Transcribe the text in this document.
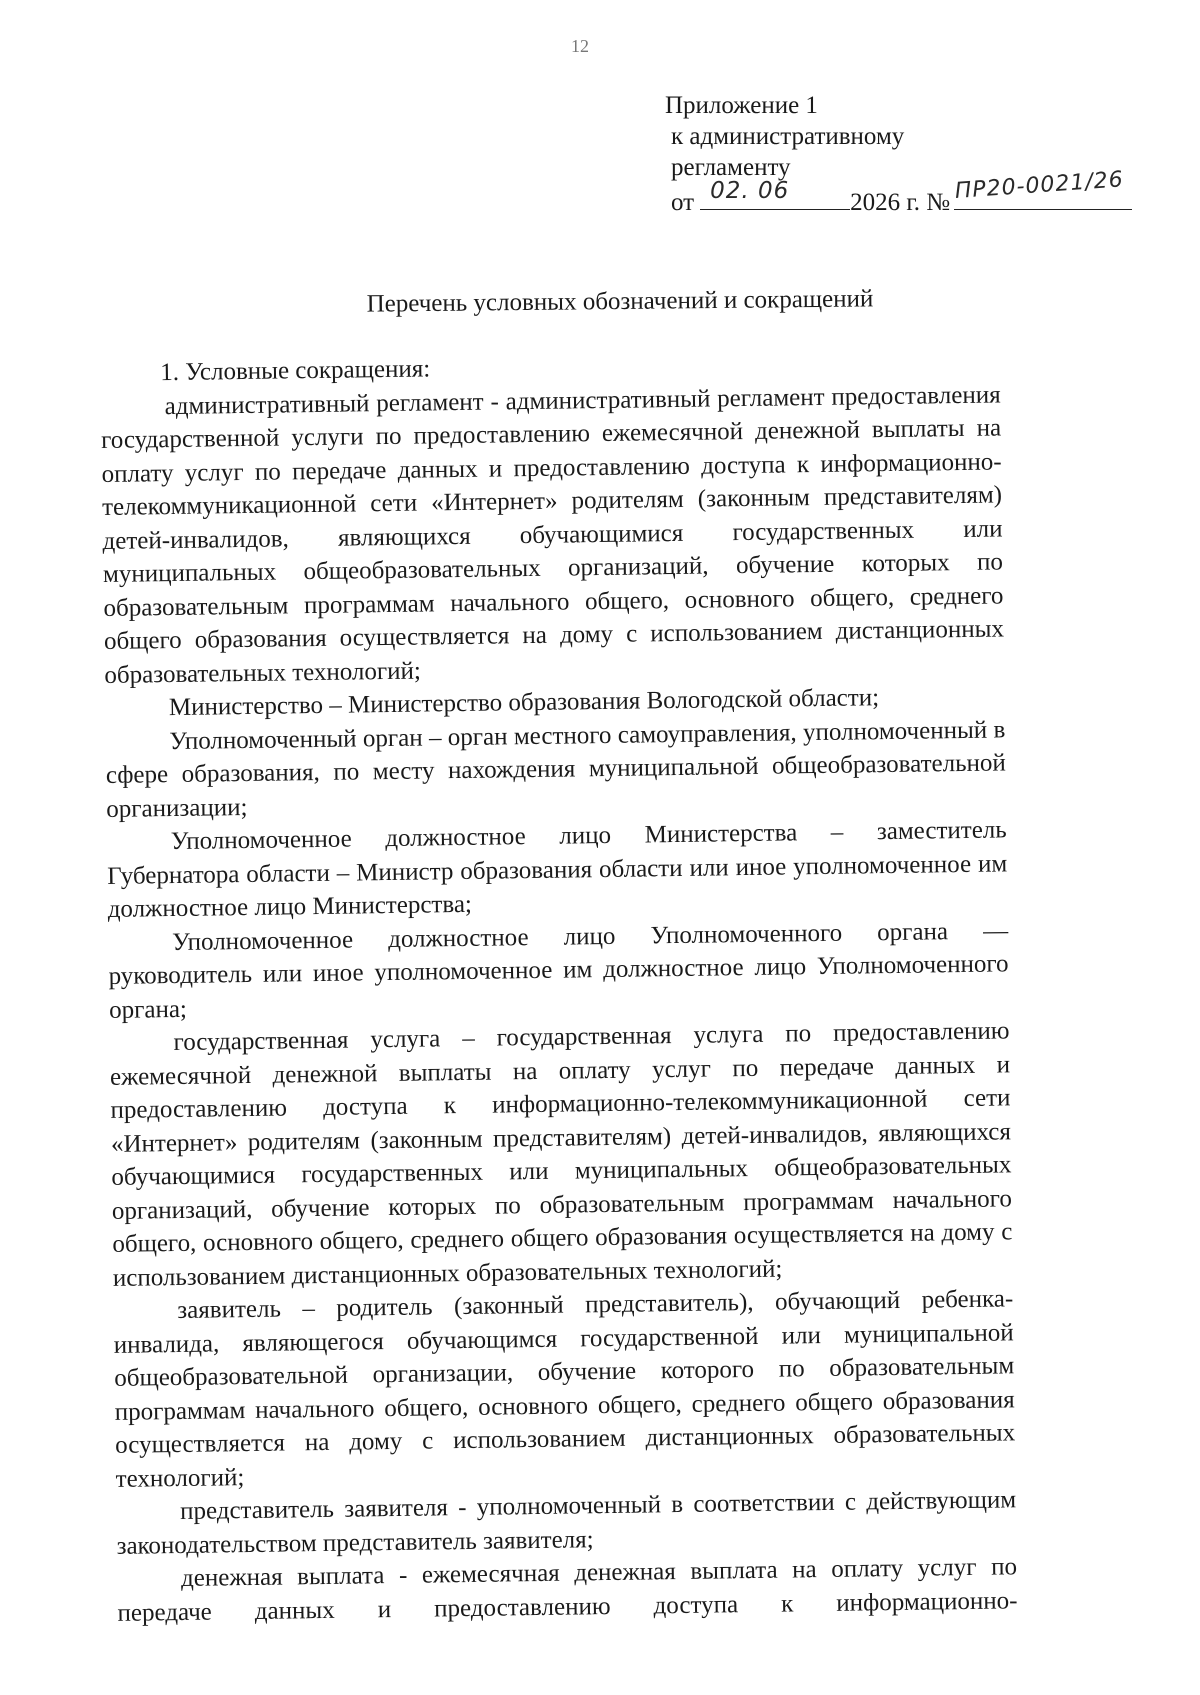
12
Приложение 1
к административному
регламенту
от 02. 06 2026 г. № ПР20-0021/26
Перечень условных обозначений и сокращений

1. Условные сокращения:

административный регламент - административный регламент предоставления государственной услуги по предоставлению ежемесячной денежной выплаты на оплату услуг по передаче данных и предоставлению доступа к информационно-телекоммуникационной сети «Интернет» родителям (законным представителям) детей-инвалидов, являющихся обучающимися государственных или муниципальных общеобразовательных организаций, обучение которых по образовательным программам начального общего, основного общего, среднего общего образования осуществляется на дому с использованием дистанционных образовательных технологий;

Министерство – Министерство образования Вологодской области;

Уполномоченный орган – орган местного самоуправления, уполномоченный в сфере образования, по месту нахождения муниципальной общеобразовательной организации;

Уполномоченное должностное лицо Министерства – заместитель Губернатора области – Министр образования области или иное уполномоченное им должностное лицо Министерства;

Уполномоченное должностное лицо Уполномоченного органа — руководитель или иное уполномоченное им должностное лицо Уполномоченного органа;

государственная услуга – государственная услуга по предоставлению ежемесячной денежной выплаты на оплату услуг по передаче данных и предоставлению доступа к информационно-телекоммуникационной сети «Интернет» родителям (законным представителям) детей-инвалидов, являющихся обучающимися государственных или муниципальных общеобразовательных организаций, обучение которых по образовательным программам начального общего, основного общего, среднего общего образования осуществляется на дому с использованием дистанционных образовательных технологий;

заявитель – родитель (законный представитель), обучающий ребенка-инвалида, являющегося обучающимся государственной или муниципальной общеобразовательной организации, обучение которого по образовательным программам начального общего, основного общего, среднего общего образования осуществляется на дому с использованием дистанционных образовательных технологий;

представитель заявителя - уполномоченный в соответствии с действующим законодательством представитель заявителя;

денежная выплата - ежемесячная денежная выплата на оплату услуг по передаче данных и предоставлению доступа к информационно-
